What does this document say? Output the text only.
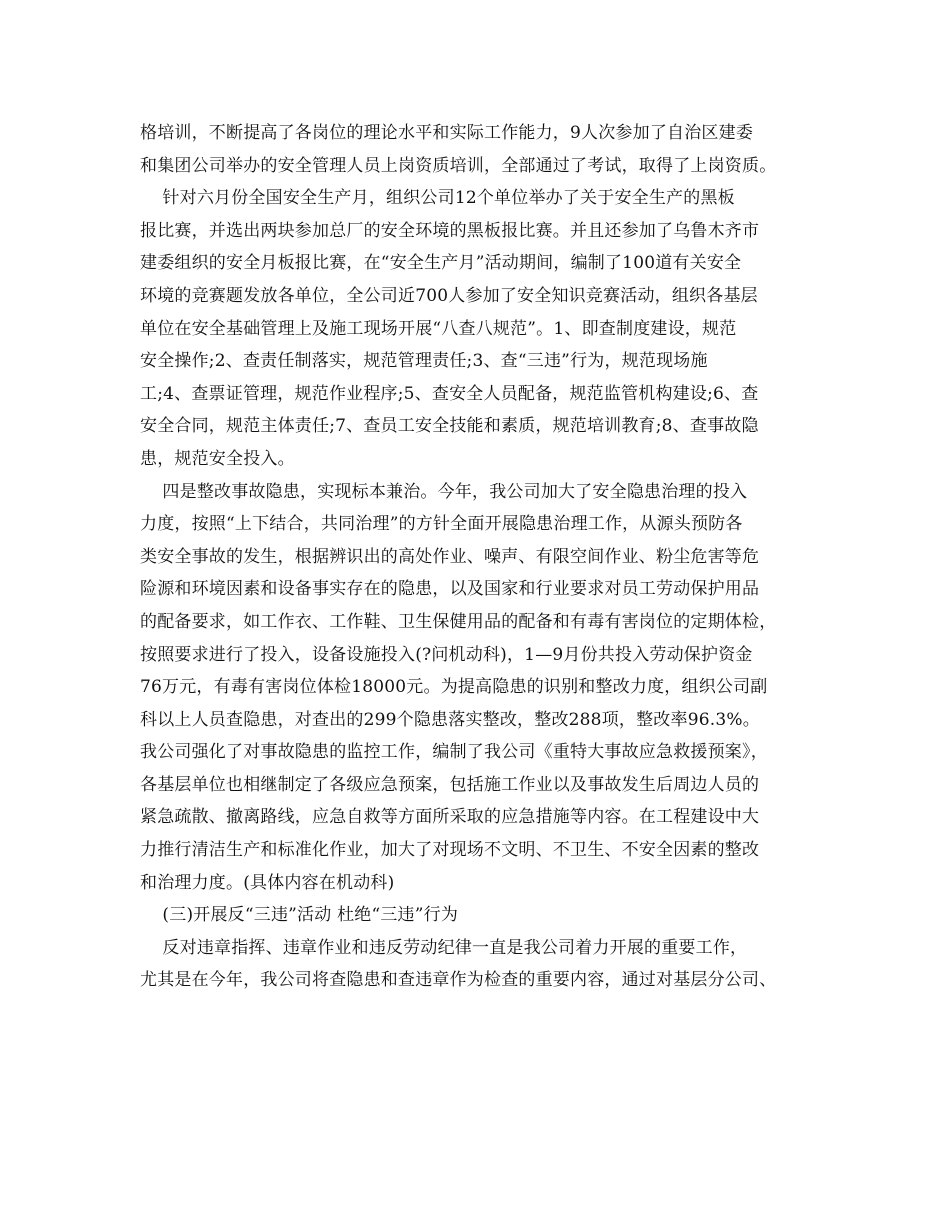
格培训，不断提高了各岗位的理论水平和实际工作能力，9人次参加了自治区建委
和集团公司举办的安全管理人员上岗资质培训，全部通过了考试，取得了上岗资质。
针对六月份全国安全生产月，组织公司12个单位举办了关于安全生产的黑板
报比赛，并选出两块参加总厂的安全环境的黑板报比赛。并且还参加了乌鲁木齐市
建委组织的安全月板报比赛，在“安全生产月”活动期间，编制了100道有关安全
环境的竞赛题发放各单位，全公司近700人参加了安全知识竞赛活动，组织各基层
单位在安全基础管理上及施工现场开展“八查八规范”。1、即查制度建设，规范
安全操作;2、查责任制落实，规范管理责任;3、查“三违”行为，规范现场施
工;4、查票证管理，规范作业程序;5、查安全人员配备，规范监管机构建设;6、查
安全合同，规范主体责任;7、查员工安全技能和素质，规范培训教育;8、查事故隐
患，规范安全投入。
四是整改事故隐患，实现标本兼治。今年，我公司加大了安全隐患治理的投入
力度，按照“上下结合，共同治理”的方针全面开展隐患治理工作，从源头预防各
类安全事故的发生，根据辨识出的高处作业、噪声、有限空间作业、粉尘危害等危
险源和环境因素和设备事实存在的隐患，以及国家和行业要求对员工劳动保护用品
的配备要求，如工作衣、工作鞋、卫生保健用品的配备和有毒有害岗位的定期体检，
按照要求进行了投入，设备设施投入(?问机动科)，1—9月份共投入劳动保护资金
76万元，有毒有害岗位体检18000元。为提高隐患的识别和整改力度，组织公司副
科以上人员查隐患，对查出的299个隐患落实整改，整改288项，整改率96.3%。
我公司强化了对事故隐患的监控工作，编制了我公司《重特大事故应急救援预案》，
各基层单位也相继制定了各级应急预案，包括施工作业以及事故发生后周边人员的
紧急疏散、撤离路线，应急自救等方面所采取的应急措施等内容。在工程建设中大
力推行清洁生产和标准化作业，加大了对现场不文明、不卫生、不安全因素的整改
和治理力度。(具体内容在机动科)
(三)开展反“三违”活动 杜绝“三违”行为
反对违章指挥、违章作业和违反劳动纪律一直是我公司着力开展的重要工作，
尤其是在今年，我公司将查隐患和查违章作为检查的重要内容，通过对基层分公司、
